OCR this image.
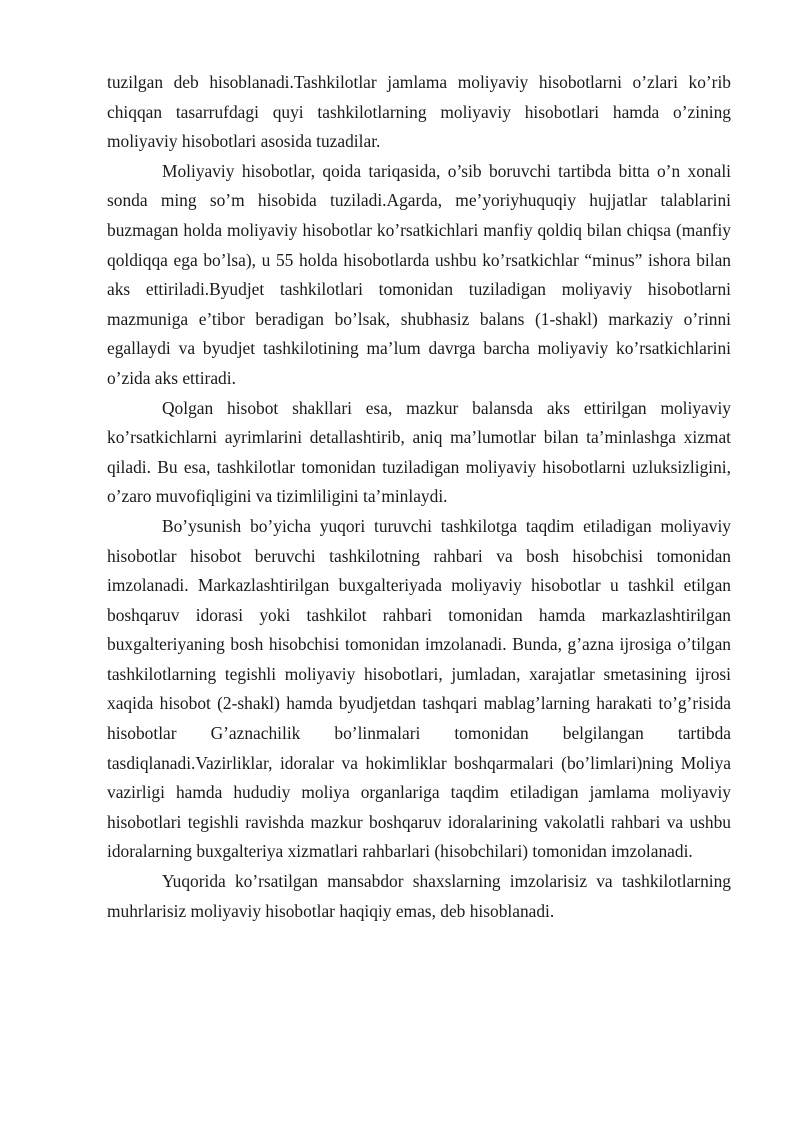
tuzilgan deb hisoblanadi.Tashkilotlar jamlama moliyaviy hisobotlarni o’zlari ko’rib chiqqan tasarrufdagi quyi tashkilotlarning moliyaviy hisobotlari hamda o’zining moliyaviy hisobotlari asosida tuzadilar.

Moliyaviy hisobotlar, qoida tariqasida, o’sib boruvchi tartibda bitta o’n xonali sonda ming so’m hisobida tuziladi.Agarda, me’yoriyhuquqiy hujjatlar talablarini buzmagan holda moliyaviy hisobotlar ko’rsatkichlari manfiy qoldiq bilan chiqsa (manfiy qoldiqqa ega bo’lsa), u 55 holda hisobotlarda ushbu ko’rsatkichlar “minus” ishora bilan aks ettiriladi.Byudjet tashkilotlari tomonidan tuziladigan moliyaviy hisobotlarni mazmuniga e’tibor beradigan bo’lsak, shubhasiz balans (1-shakl) markaziy o’rinni egallaydi va byudjet tashkilotining ma’lum davrga barcha moliyaviy ko’rsatkichlarini o’zida aks ettiradi.

Qolgan hisobot shakllari esa, mazkur balansda aks ettirilgan moliyaviy ko’rsatkichlarni ayrimlarini detallashtirib, aniq ma’lumotlar bilan ta’minlashga xizmat qiladi. Bu esa, tashkilotlar tomonidan tuziladigan moliyaviy hisobotlarni uzluksizligini, o’zaro muvofiqligini va tizimliligini ta’minlaydi.

Bo’ysunish bo’yicha yuqori turuvchi tashkilotga taqdim etiladigan moliyaviy hisobotlar hisobot beruvchi tashkilotning rahbari va bosh hisobchisi tomonidan imzolanadi. Markazlashtirilgan buxgalteriyada moliyaviy hisobotlar u tashkil etilgan boshqaruv idorasi yoki tashkilot rahbari tomonidan hamda markazlashtirilgan buxgalteriyaning bosh hisobchisi tomonidan imzolanadi. Bunda, g’azna ijrosiga o’tilgan tashkilotlarning tegishli moliyaviy hisobotlari, jumladan, xarajatlar smetasining ijrosi xaqida hisobot (2-shakl) hamda byudjetdan tashqari mablag’larning harakati to’g’risida hisobotlar G’aznachilik bo’linmalari tomonidan belgilangan tartibda tasdiqlanadi.Vazirliklar, idoralar va hokimliklar boshqarmalari (bo’limlari)ning Moliya vazirligi hamda hududiy moliya organlariga taqdim etiladigan jamlama moliyaviy hisobotlari tegishli ravishda mazkur boshqaruv idoralarining vakolatli rahbari va ushbu idoralarning buxgalteriya xizmatlari rahbarlari (hisobchilari) tomonidan imzolanadi.

Yuqorida ko’rsatilgan mansabdor shaxslarning imzolarisiz va tashkilotlarning muhrlarisiz moliyaviy hisobotlar haqiqiy emas, deb hisoblanadi.
